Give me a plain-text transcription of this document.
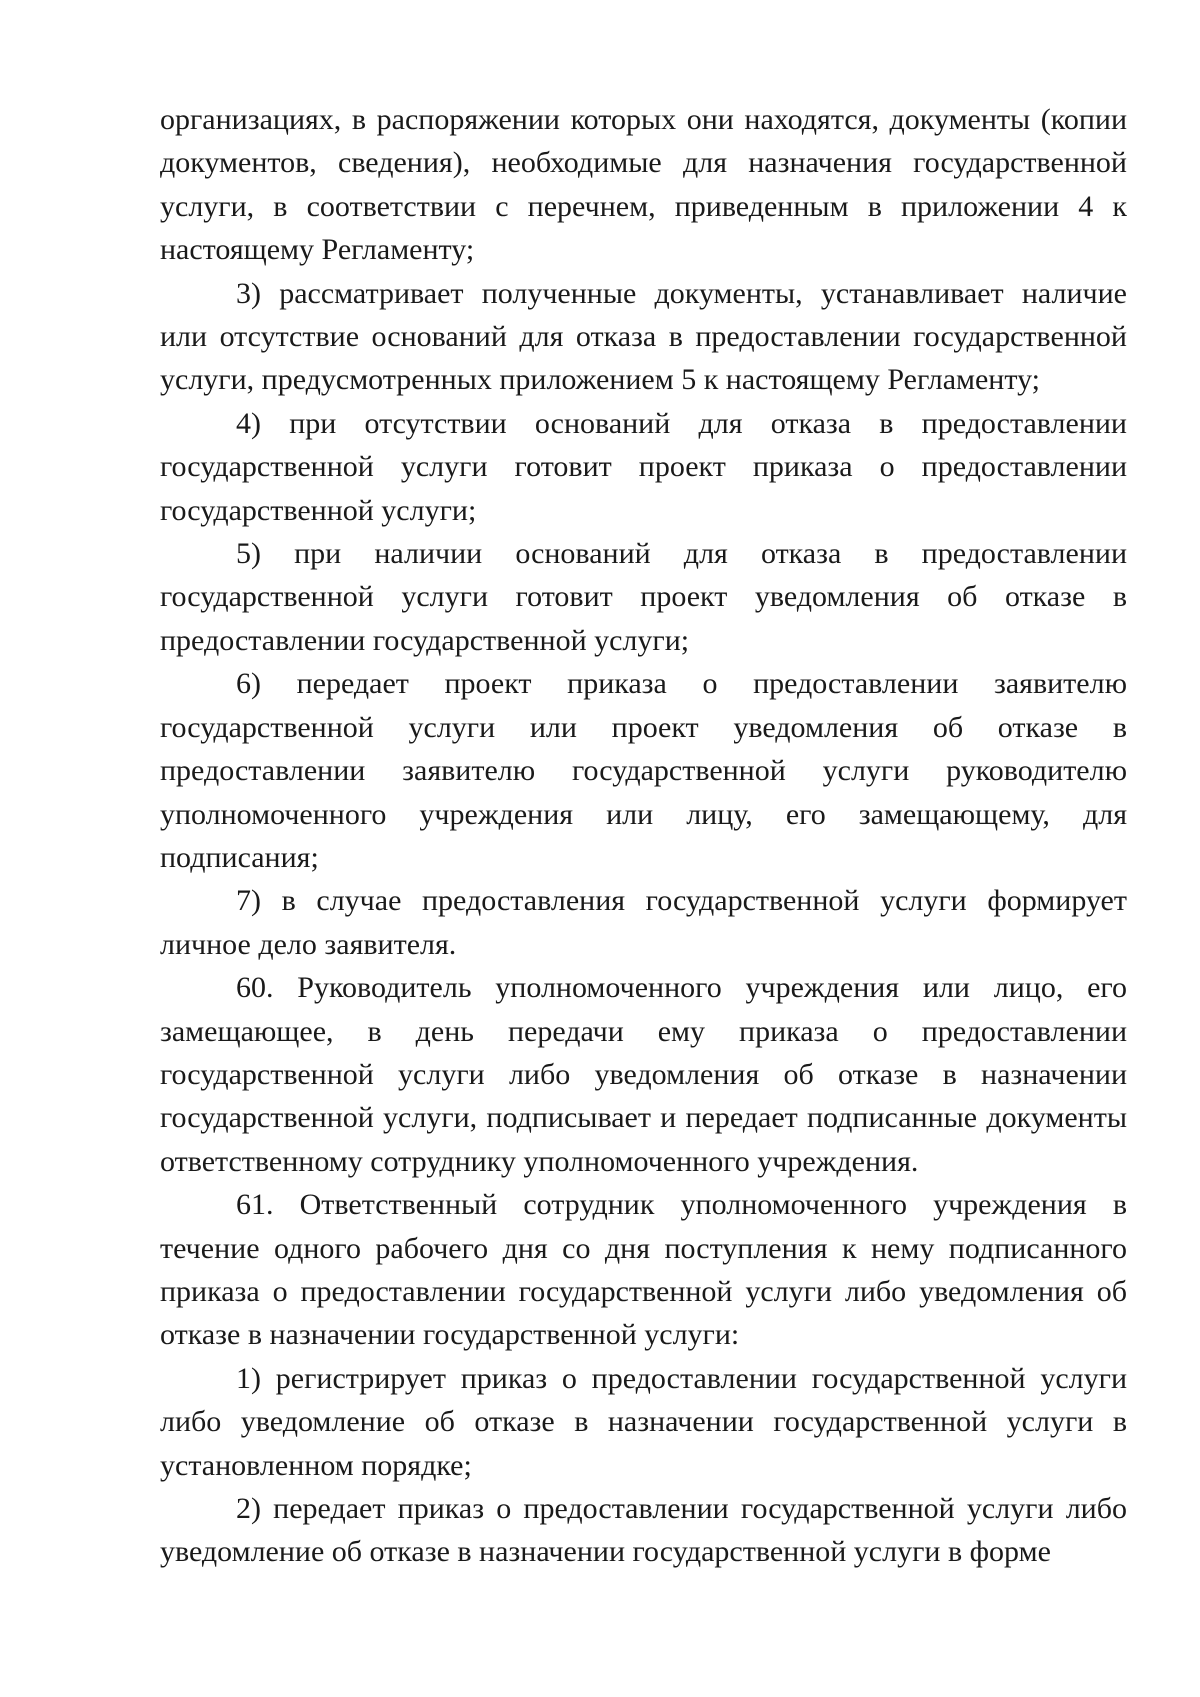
организациях, в распоряжении которых они находятся, документы (копии документов, сведения), необходимые для назначения государственной услуги, в соответствии с перечнем, приведенным в приложении 4 к настоящему Регламенту;

3) рассматривает полученные документы, устанавливает наличие или отсутствие оснований для отказа в предоставлении государственной услуги, предусмотренных приложением 5 к настоящему Регламенту;

4) при отсутствии оснований для отказа в предоставлении государственной услуги готовит проект приказа о предоставлении государственной услуги;

5) при наличии оснований для отказа в предоставлении государственной услуги готовит проект уведомления об отказе в предоставлении государственной услуги;

6) передает проект приказа о предоставлении заявителю государственной услуги или проект уведомления об отказе в предоставлении заявителю государственной услуги руководителю уполномоченного учреждения или лицу, его замещающему, для подписания;

7) в случае предоставления государственной услуги формирует личное дело заявителя.

60. Руководитель уполномоченного учреждения или лицо, его замещающее, в день передачи ему приказа о предоставлении государственной услуги либо уведомления об отказе в назначении государственной услуги, подписывает и передает подписанные документы ответственному сотруднику уполномоченного учреждения.

61. Ответственный сотрудник уполномоченного учреждения в течение одного рабочего дня со дня поступления к нему подписанного приказа о предоставлении государственной услуги либо уведомления об отказе в назначении государственной услуги:

1) регистрирует приказ о предоставлении государственной услуги либо уведомление об отказе в назначении государственной услуги в установленном порядке;

2) передает приказ о предоставлении государственной услуги либо уведомление об отказе в назначении государственной услуги в форме
